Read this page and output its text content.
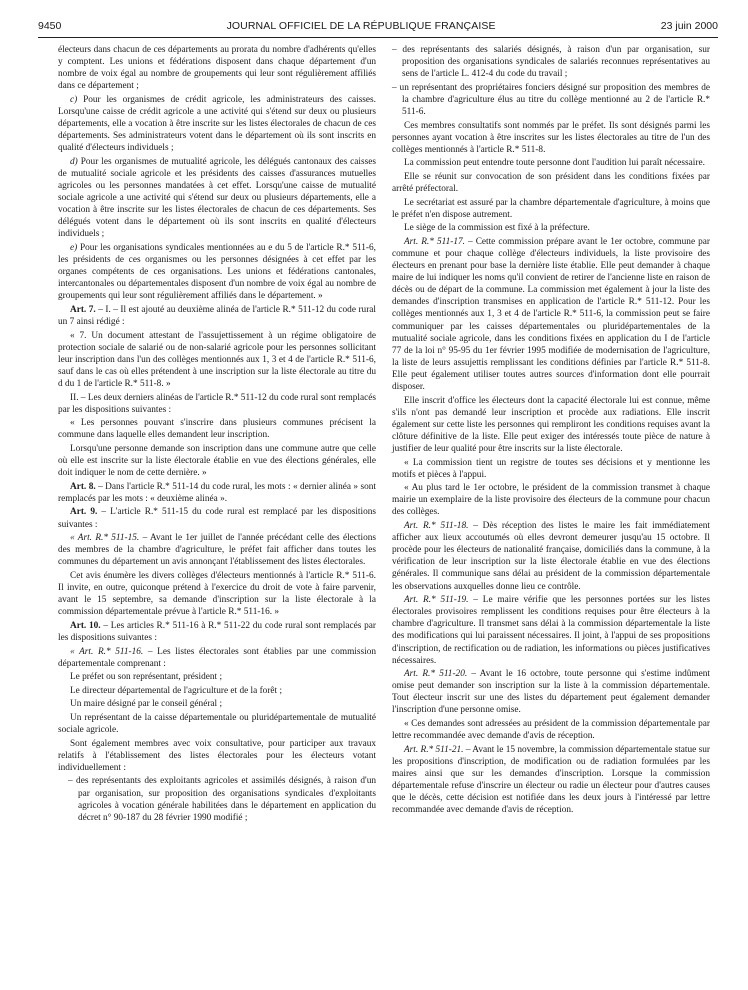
9450	JOURNAL OFFICIEL DE LA RÉPUBLIQUE FRANÇAISE	23 juin 2000

électeurs dans chacun de ces départements au prorata du nombre d'adhérents qu'elles y comptent. Les unions et fédérations disposent dans chaque département d'un nombre de voix égal au nombre de groupements qui leur sont régulièrement affiliés dans ce département ;

c) Pour les organismes de crédit agricole, les administrateurs des caisses. Lorsqu'une caisse de crédit agricole a une activité qui s'étend sur deux ou plusieurs départements, elle a vocation à être inscrite sur les listes électorales de chacun de ces départements. Ses administrateurs votent dans le département où ils sont inscrits en qualité d'électeurs individuels ;

d) Pour les organismes de mutualité agricole, les délégués cantonaux des caisses de mutualité sociale agricole et les présidents des caisses d'assurances mutuelles agricoles ou les personnes mandatées à cet effet. Lorsqu'une caisse de mutualité sociale agricole a une activité qui s'étend sur deux ou plusieurs départements, elle a vocation à être inscrite sur les listes électorales de chacun de ces départements. Ses délégués votent dans le département où ils sont inscrits en qualité d'électeurs individuels ;

e) Pour les organisations syndicales mentionnées au e du 5 de l'article R.* 511-6, les présidents de ces organismes ou les personnes désignées à cet effet par les organes compétents de ces organisations. Les unions et fédérations cantonales, intercantonales ou départementales disposent d'un nombre de voix égal au nombre de groupements qui leur sont régulièrement affiliés dans le département. »

Art. 7. – I. – Il est ajouté au deuxième alinéa de l'article R.* 511-12 du code rural un 7 ainsi rédigé :

« 7. Un document attestant de l'assujettissement à un régime obligatoire de protection sociale de salarié ou de non-salarié agricole pour les personnes sollicitant leur inscription dans l'un des collèges mentionnés aux 1, 3 et 4 de l'article R.* 511-6, sauf dans le cas où elles prétendent à une inscription sur la liste électorale au titre du d du 1 de l'article R.* 511-8. »

II. – Les deux derniers alinéas de l'article R.* 511-12 du code rural sont remplacés par les dispositions suivantes :

« Les personnes pouvant s'inscrire dans plusieurs communes précisent la commune dans laquelle elles demandent leur inscription.

Lorsqu'une personne demande son inscription dans une commune autre que celle où elle est inscrite sur la liste électorale établie en vue des élections générales, elle doit indiquer le nom de cette dernière. »

Art. 8. – Dans l'article R.* 511-14 du code rural, les mots : « dernier alinéa » sont remplacés par les mots : « deuxième alinéa ».

Art. 9. – L'article R.* 511-15 du code rural est remplacé par les dispositions suivantes :

« Art. R.* 511-15. – Avant le 1er juillet de l'année précédant celle des élections des membres de la chambre d'agriculture, le préfet fait afficher dans toutes les communes du département un avis annonçant l'établissement des listes électorales.

Cet avis énumère les divers collèges d'électeurs mentionnés à l'article R.* 511-6. Il invite, en outre, quiconque prétend à l'exercice du droit de vote à faire parvenir, avant le 15 septembre, sa demande d'inscription sur la liste électorale à la commission départementale prévue à l'article R.* 511-16. »

Art. 10. – Les articles R.* 511-16 à R.* 511-22 du code rural sont remplacés par les dispositions suivantes :

« Art. R.* 511-16. – Les listes électorales sont établies par une commission départementale comprenant :

Le préfet ou son représentant, président ;

Le directeur départemental de l'agriculture et de la forêt ;

Un maire désigné par le conseil général ;

Un représentant de la caisse départementale ou pluridépartementale de mutualité sociale agricole.

Sont également membres avec voix consultative, pour participer aux travaux relatifs à l'établissement des listes électorales pour les électeurs votant individuellement :

– des représentants des exploitants agricoles et assimilés désignés, à raison d'un par organisation, sur proposition des organisations syndicales d'exploitants agricoles à vocation générale habilitées dans le département en application du décret n° 90-187 du 28 février 1990 modifié ;

– des représentants des salariés désignés, à raison d'un par organisation, sur proposition des organisations syndicales de salariés reconnues représentatives au sens de l'article L. 412-4 du code du travail ;

– un représentant des propriétaires fonciers désigné sur proposition des membres de la chambre d'agriculture élus au titre du collège mentionné au 2 de l'article R.* 511-6.

Ces membres consultatifs sont nommés par le préfet. Ils sont désignés parmi les personnes ayant vocation à être inscrites sur les listes électorales au titre de l'un des collèges mentionnés à l'article R.* 511-8.

La commission peut entendre toute personne dont l'audition lui paraît nécessaire.

Elle se réunit sur convocation de son président dans les conditions fixées par arrêté préfectoral.

Le secrétariat est assuré par la chambre départementale d'agriculture, à moins que le préfet n'en dispose autrement.

Le siège de la commission est fixé à la préfecture.

Art. R.* 511-17. – Cette commission prépare avant le 1er octobre, commune par commune et pour chaque collège d'électeurs individuels, la liste provisoire des électeurs en prenant pour base la dernière liste établie. Elle peut demander à chaque maire de lui indiquer les noms qu'il convient de retirer de l'ancienne liste en raison de décès ou de départ de la commune. La commission met également à jour la liste des demandes d'inscription transmises en application de l'article R.* 511-12. Pour les collèges mentionnés aux 1, 3 et 4 de l'article R.* 511-6, la commission peut se faire communiquer par les caisses départementales ou pluridépartementales de la mutualité sociale agricole, dans les conditions fixées en application du I de l'article 77 de la loi n° 95-95 du 1er février 1995 modifiée de modernisation de l'agriculture, la liste de leurs assujettis remplissant les conditions définies par l'article R.* 511-8. Elle peut également utiliser toutes autres sources d'information dont elle pourrait disposer.

Elle inscrit d'office les électeurs dont la capacité électorale lui est connue, même s'ils n'ont pas demandé leur inscription et procède aux radiations. Elle inscrit également sur cette liste les personnes qui rempliront les conditions requises avant la clôture définitive de la liste. Elle peut exiger des intéressés toute pièce de nature à justifier de leur qualité pour être inscrits sur la liste électorale.

« La commission tient un registre de toutes ses décisions et y mentionne les motifs et pièces à l'appui.

« Au plus tard le 1er octobre, le président de la commission transmet à chaque mairie un exemplaire de la liste provisoire des électeurs de la commune pour chacun des collèges.

Art. R.* 511-18. – Dès réception des listes le maire les fait immédiatement afficher aux lieux accoutumés où elles devront demeurer jusqu'au 15 octobre. Il procède pour les électeurs de nationalité française, domiciliés dans la commune, à la vérification de leur inscription sur la liste électorale établie en vue des élections générales. Il communique sans délai au président de la commission départementale les observations auxquelles donne lieu ce contrôle.

Art. R.* 511-19. – Le maire vérifie que les personnes portées sur les listes électorales provisoires remplissent les conditions requises pour être électeurs à la chambre d'agriculture. Il transmet sans délai à la commission départementale la liste des modifications qui lui paraissent nécessaires. Il joint, à l'appui de ses propositions d'inscription, de rectification ou de radiation, les informations ou pièces justificatives nécessaires.

Art. R.* 511-20. – Avant le 16 octobre, toute personne qui s'estime indûment omise peut demander son inscription sur la liste à la commission départementale. Tout électeur inscrit sur une des listes du département peut également demander l'inscription d'une personne omise.

« Ces demandes sont adressées au président de la commission départementale par lettre recommandée avec demande d'avis de réception.

Art. R.* 511-21. – Avant le 15 novembre, la commission départementale statue sur les propositions d'inscription, de modification ou de radiation formulées par les maires ainsi que sur les demandes d'inscription. Lorsque la commission départementale refuse d'inscrire un électeur ou radie un électeur pour d'autres causes que le décès, cette décision est notifiée dans les deux jours à l'intéressé par lettre recommandée avec demande d'avis de réception.
